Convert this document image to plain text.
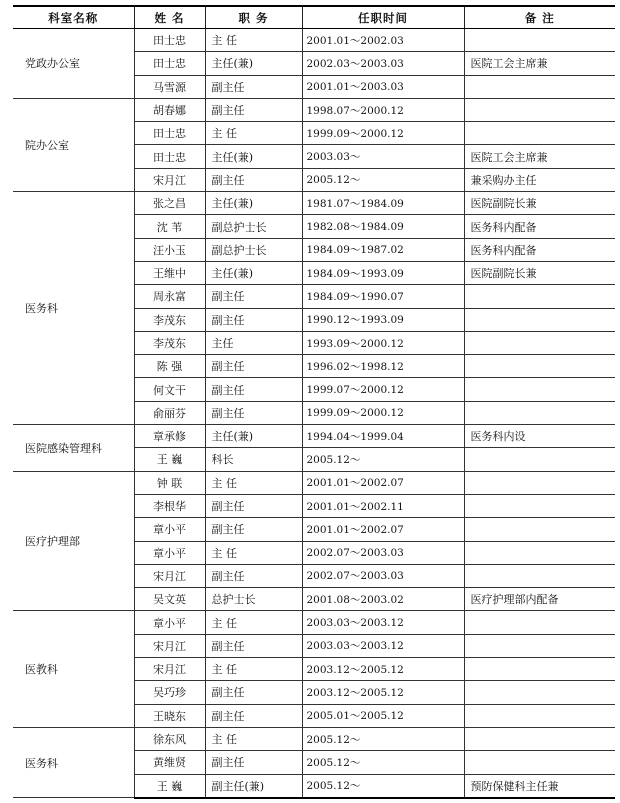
科室名称	姓 名	职 务	任职时间	备 注
党政办公室	田士忠	主 任	2001.01～2002.03	
	田士忠	主任(兼)	2002.03～2003.03	医院工会主席兼
	马雪源	副主任	2001.01～2003.03	
院办公室	胡春娜	副主任	1998.07～2000.12	
	田士忠	主 任	1999.09～2000.12	
	田士忠	主任(兼)	2003.03～	医院工会主席兼
	宋月江	副主任	2005.12～	兼采购办主任
医务科	张之昌	主任(兼)	1981.07～1984.09	医院副院长兼
	沈 苇	副总护士长	1982.08～1984.09	医务科内配备
	汪小玉	副总护士长	1984.09～1987.02	医务科内配备
	王维中	主任(兼)	1984.09～1993.09	医院副院长兼
	周永富	副主任	1984.09～1990.07	
	李茂东	副主任	1990.12～1993.09	
	李茂东	主任	1993.09～2000.12	
	陈 强	副主任	1996.02～1998.12	
	何文干	副主任	1999.07～2000.12	
	俞丽芬	副主任	1999.09～2000.12	
医院感染管理科	章承修	主任(兼)	1994.04～1999.04	医务科内设
	王 巍	科长	2005.12～	
医疗护理部	钟 联	主 任	2001.01～2002.07	
	李根华	副主任	2001.01～2002.11	
	章小平	副主任	2001.01～2002.07	
	章小平	主 任	2002.07～2003.03	
	宋月江	副主任	2002.07～2003.03	
	吴文英	总护士长	2001.08～2003.02	医疗护理部内配备
医教科	章小平	主 任	2003.03～2003.12	
	宋月江	副主任	2003.03～2003.12	
	宋月江	主 任	2003.12～2005.12	
	吴巧珍	副主任	2003.12～2005.12	
	王晓东	副主任	2005.01～2005.12	
医务科	徐东风	主 任	2005.12～	
	黄维贤	副主任	2005.12～	
	王 巍	副主任(兼)	2005.12～	预防保健科主任兼
